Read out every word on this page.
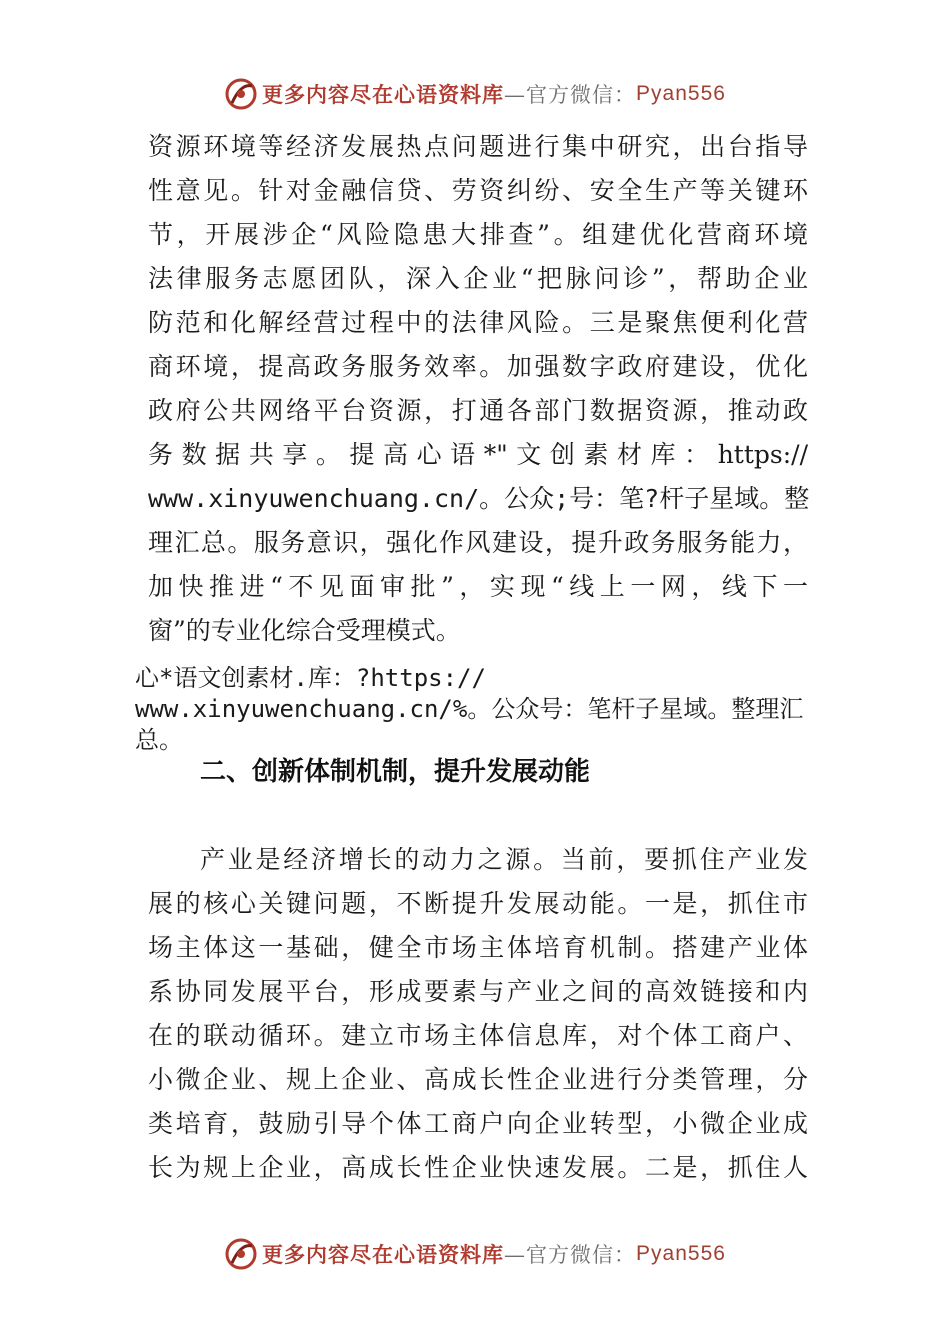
更多内容尽在心语资料库 —官方微信： Pyan556
资源环境等经济发展热点问题进行集中研究，出台指导
性意见。针对金融信贷、劳资纠纷、安全生产等关键环
节，开展涉企“风险隐患大排查”。组建优化营商环境
法律服务志愿团队，深入企业“把脉问诊”，帮助企业
防范和化解经营过程中的法律风险。三是聚焦便利化营
商环境，提高政务服务效率。加强数字政府建设，优化
政府公共网络平台资源，打通各部门数据资源，推动政
务数据共享。提高心语*"文创素材库：https://
www.xinyuwenchuang.cn/。公众;号：笔?杆子星域。整
理汇总。服务意识，强化作风建设，提升政务服务能力，
加快推进“不见面审批”，实现“线上一网，线下一
窗”的专业化综合受理模式。
心*语文创素材.库：?https://
www.xinyuwenchuang.cn/%。公众号：笔杆子星域。整理汇
总。
二、创新体制机制，提升发展动能
产业是经济增长的动力之源。当前，要抓住产业发
展的核心关键问题，不断提升发展动能。一是，抓住市
场主体这一基础，健全市场主体培育机制。搭建产业体
系协同发展平台，形成要素与产业之间的高效链接和内
在的联动循环。建立市场主体信息库，对个体工商户、
小微企业、规上企业、高成长性企业进行分类管理，分
类培育，鼓励引导个体工商户向企业转型，小微企业成
长为规上企业，高成长性企业快速发展。二是，抓住人
更多内容尽在心语资料库 —官方微信： Pyan556
